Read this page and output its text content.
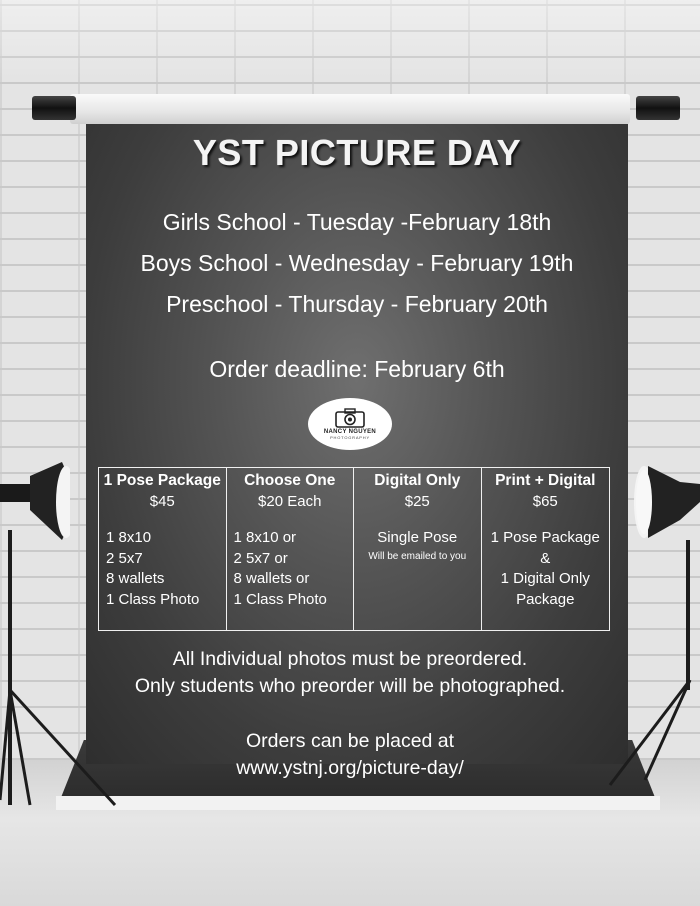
YST PICTURE DAY
Girls School - Tuesday -February 18th
Boys School - Wednesday - February 19th
Preschool - Thursday - February 20th
Order deadline: February 6th
NANCY NGUYEN
PHOTOGRAPHY
1 Pose Package
$45
1 8x10
2 5x7
8 wallets
1 Class Photo
Choose One
$20 Each
1 8x10 or
2 5x7 or
8 wallets or
1 Class Photo
Digital Only
$25
Single Pose
Will be emailed to you
Print + Digital
$65
1 Pose Package
&
1 Digital Only
Package
All Individual photos must be preordered.
Only students who preorder will be photographed.
Orders can be placed at
www.ystnj.org/picture-day/
